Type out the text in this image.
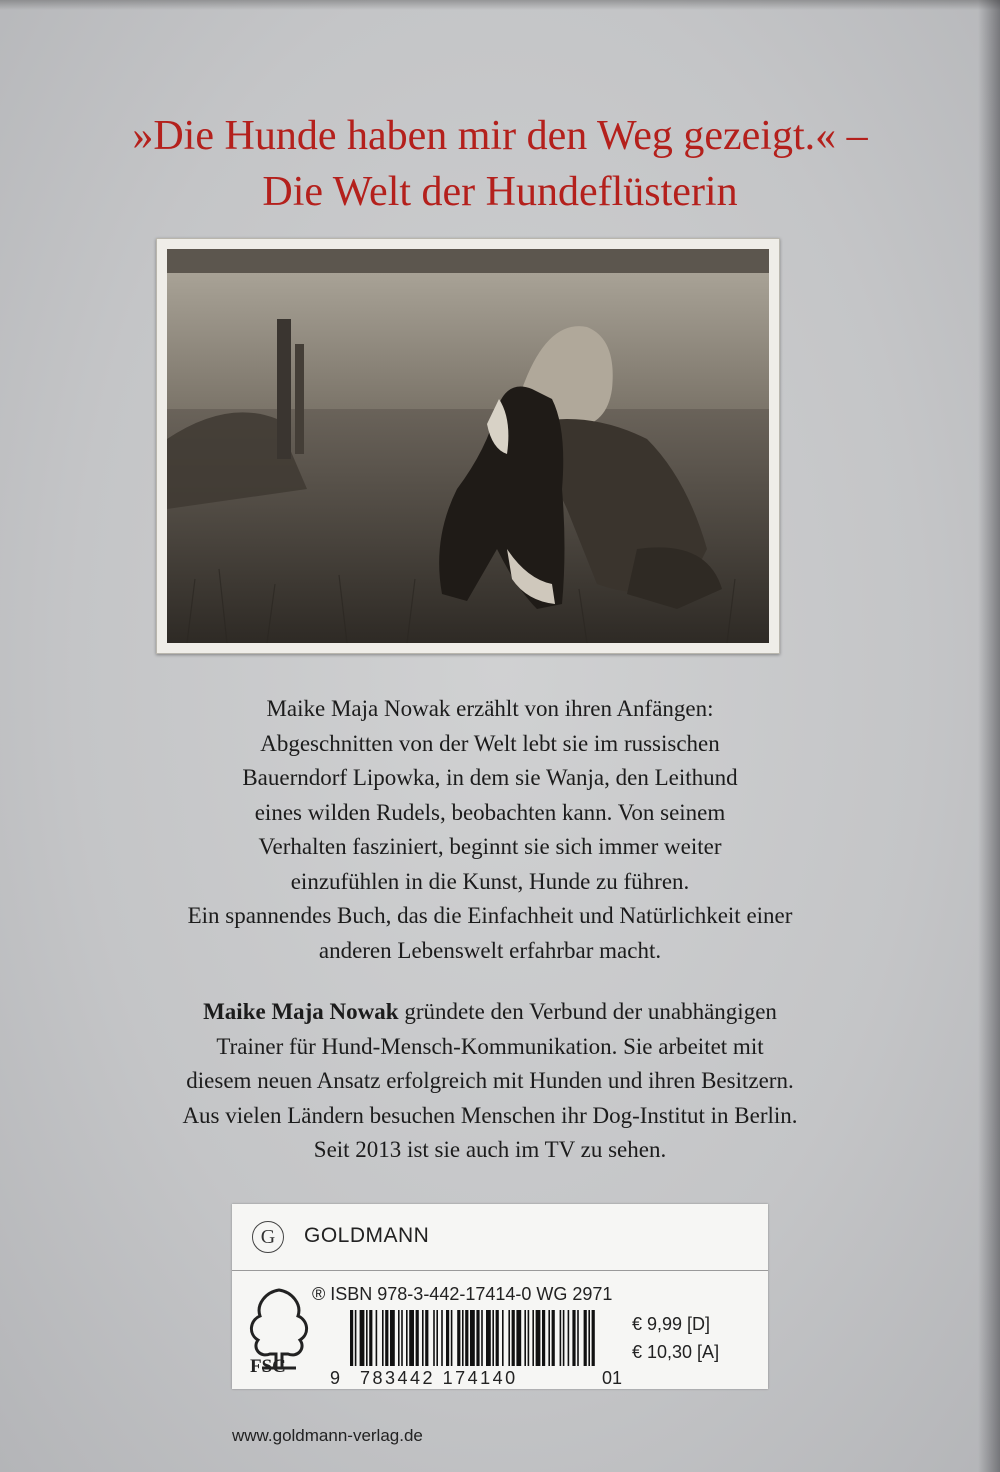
»Die Hunde haben mir den Weg gezeigt.« –
Die Welt der Hundeflüsterin
Maike Maja Nowak erzählt von ihren Anfängen:
Abgeschnitten von der Welt lebt sie im russischen
Bauerndorf Lipowka, in dem sie Wanja, den Leithund
eines wilden Rudels, beobachten kann. Von seinem
Verhalten fasziniert, beginnt sie sich immer weiter
einzufühlen in die Kunst, Hunde zu führen.
Ein spannendes Buch, das die Einfachheit und Natürlichkeit einer
anderen Lebenswelt erfahrbar macht.
Maike Maja Nowak gründete den Verbund der unabhängigen
Trainer für Hund-Mensch-Kommunikation. Sie arbeitet mit
diesem neuen Ansatz erfolgreich mit Hunden und ihren Besitzern.
Aus vielen Ländern besuchen Menschen ihr Dog-Institut in Berlin.
Seit 2013 ist sie auch im TV zu sehen.
G	GOLDMANN
FSC
® ISBN 978-3-442-17414-0 WG 2971
9 783442 174140	01
€ 9,99 [D]
€ 10,30 [A]
www.goldmann-verlag.de
